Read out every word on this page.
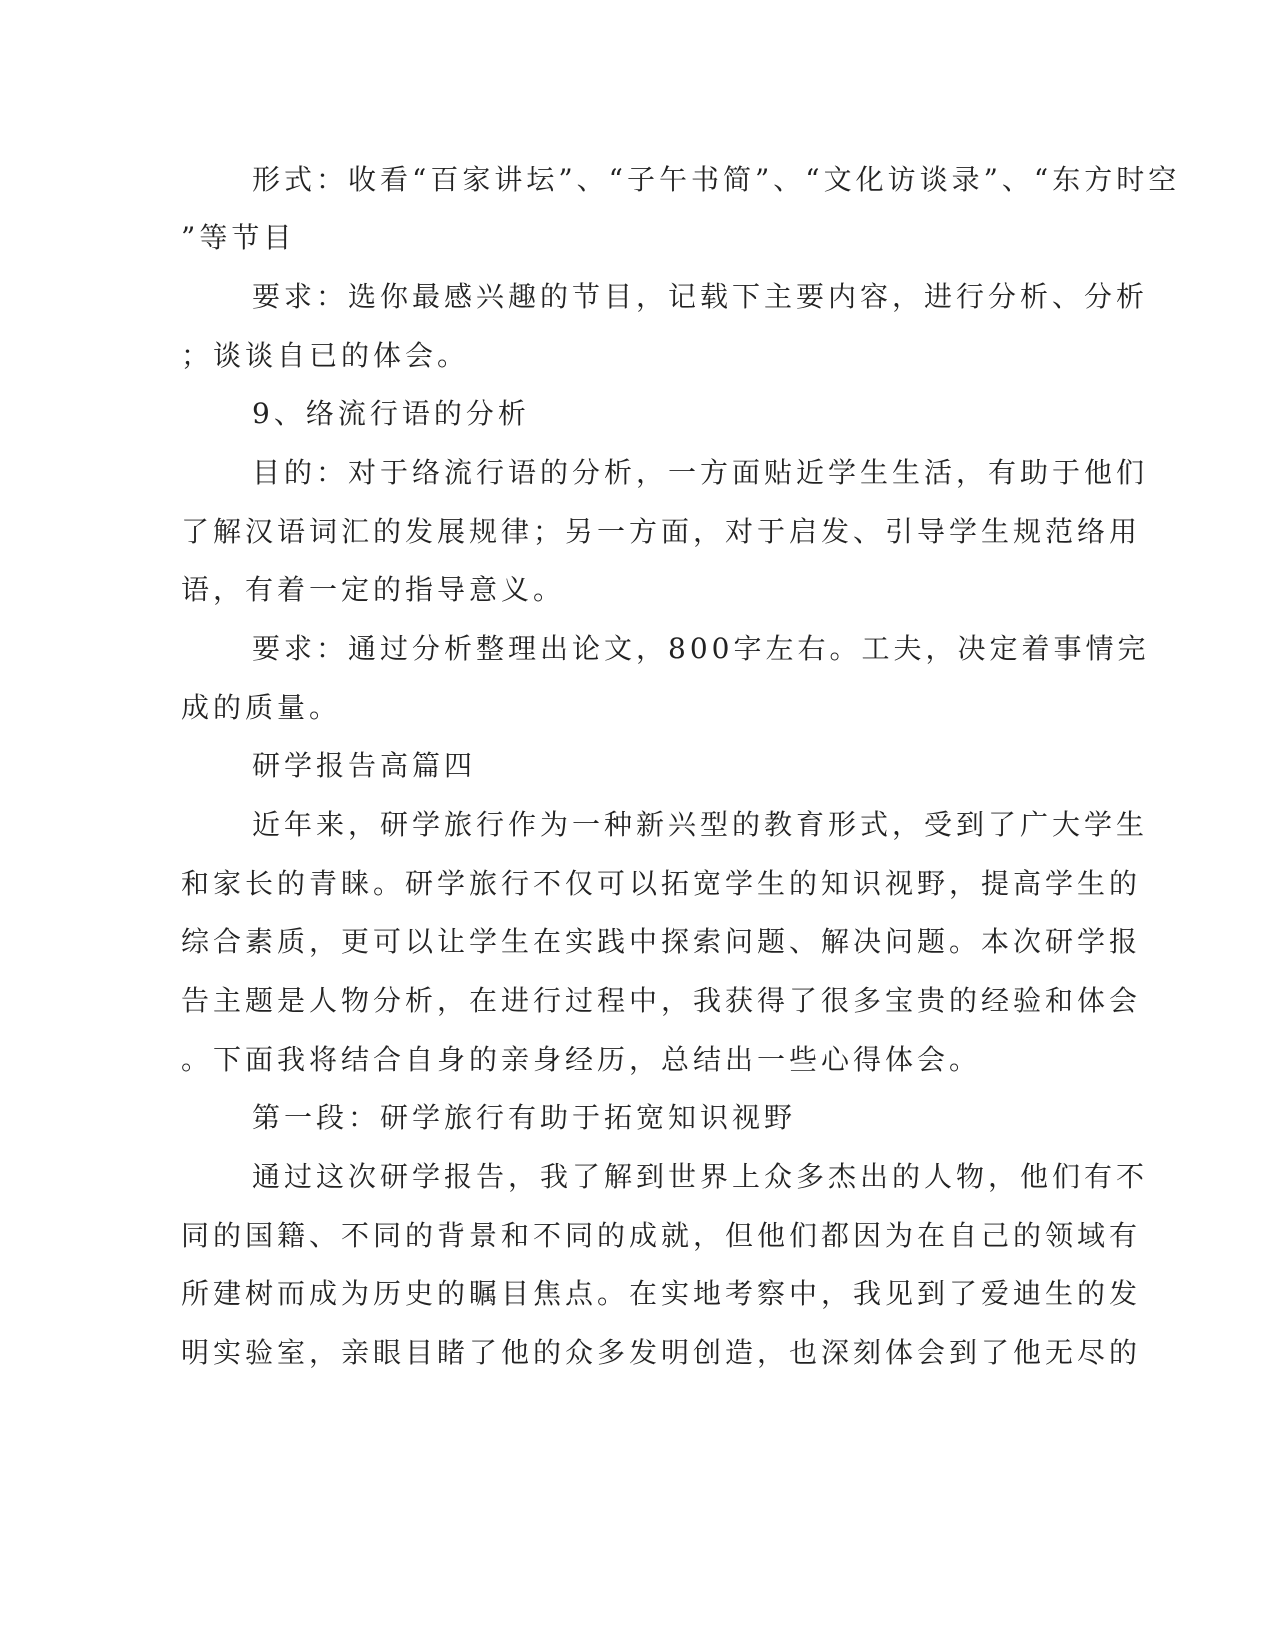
形式：收看“百家讲坛”、“子午书简”、“文化访谈录”、“东方时空

”等节目

要求：选你最感兴趣的节目，记载下主要内容，进行分析、分析

；谈谈自已的体会。

9、络流行语的分析

目的：对于络流行语的分析，一方面贴近学生生活，有助于他们

了解汉语词汇的发展规律；另一方面，对于启发、引导学生规范络用

语，有着一定的指导意义。

要求：通过分析整理出论文，800字左右。工夫，决定着事情完

成的质量。

研学报告高篇四

近年来，研学旅行作为一种新兴型的教育形式，受到了广大学生

和家长的青睐。研学旅行不仅可以拓宽学生的知识视野，提高学生的

综合素质，更可以让学生在实践中探索问题、解决问题。本次研学报

告主题是人物分析，在进行过程中，我获得了很多宝贵的经验和体会

。下面我将结合自身的亲身经历，总结出一些心得体会。

第一段：研学旅行有助于拓宽知识视野

通过这次研学报告，我了解到世界上众多杰出的人物，他们有不

同的国籍、不同的背景和不同的成就，但他们都因为在自己的领域有

所建树而成为历史的瞩目焦点。在实地考察中，我见到了爱迪生的发

明实验室，亲眼目睹了他的众多发明创造，也深刻体会到了他无尽的
